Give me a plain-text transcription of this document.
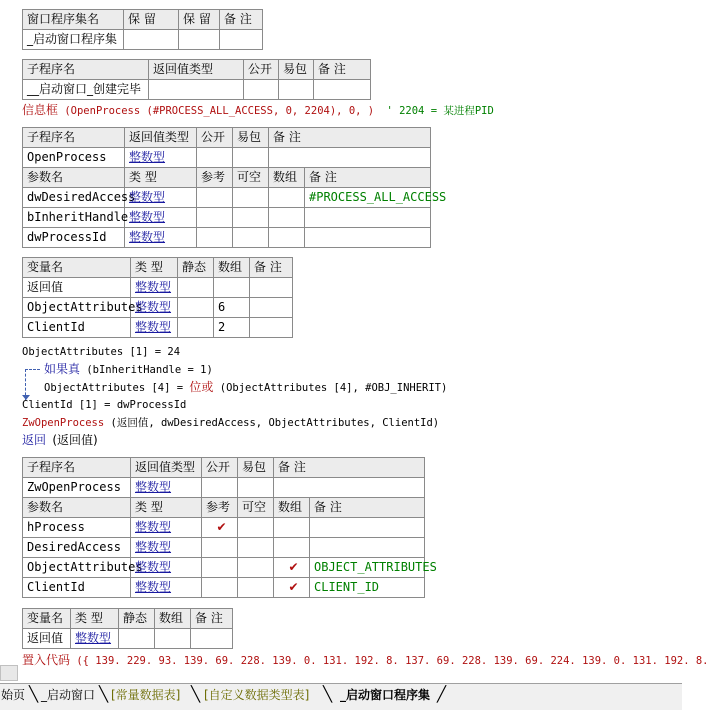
窗口程序集名	保 留	保 留	备 注
_启动窗口程序集			
子程序名	返回值类型	公开	易包	备 注
__启动窗口_创建完毕				
信息框 (OpenProcess (#PROCESS_ALL_ACCESS, 0, 2204), 0, ) ' 2204 = 某进程PID
子程序名	返回值类型	公开	易包	备 注	
OpenProcess	整数型				
参数名	类 型	参考	可空	数组	备 注
dwDesiredAccess	整数型				#PROCESS_ALL_ACCESS
bInheritHandle	整数型				
dwProcessId	整数型				
变量名	类 型	静态	数组	备 注
返回值	整数型			
ObjectAttributes	整数型		6	
ClientId	整数型		2	
ObjectAttributes [1] = 24
如果真 (bInheritHandle = 1)
ObjectAttributes [4] = 位或 (ObjectAttributes [4], #OBJ_INHERIT)
ClientId [1] = dwProcessId
ZwOpenProcess (返回值, dwDesiredAccess, ObjectAttributes, ClientId)
返回 (返回值)
子程序名	返回值类型	公开	易包	备 注	
ZwOpenProcess	整数型				
参数名	类 型	参考	可空	数组	备 注
hProcess	整数型	✔			
DesiredAccess	整数型				
ObjectAttributes	整数型			✔	OBJECT_ATTRIBUTES
ClientId	整数型			✔	CLIENT_ID
变量名	类 型	静态	数组	备 注
返回值	整数型			
置入代码 ({ 139. 229. 93. 139. 69. 228. 139. 0. 131. 192. 8. 137. 69. 228. 139. 69. 224. 139. 0. 131. 192. 8.
始页 ╲ _启动窗口 ╲ [常量数据表] ╲ [自定义数据类型表] ╲ _启动窗口程序集 ╱
